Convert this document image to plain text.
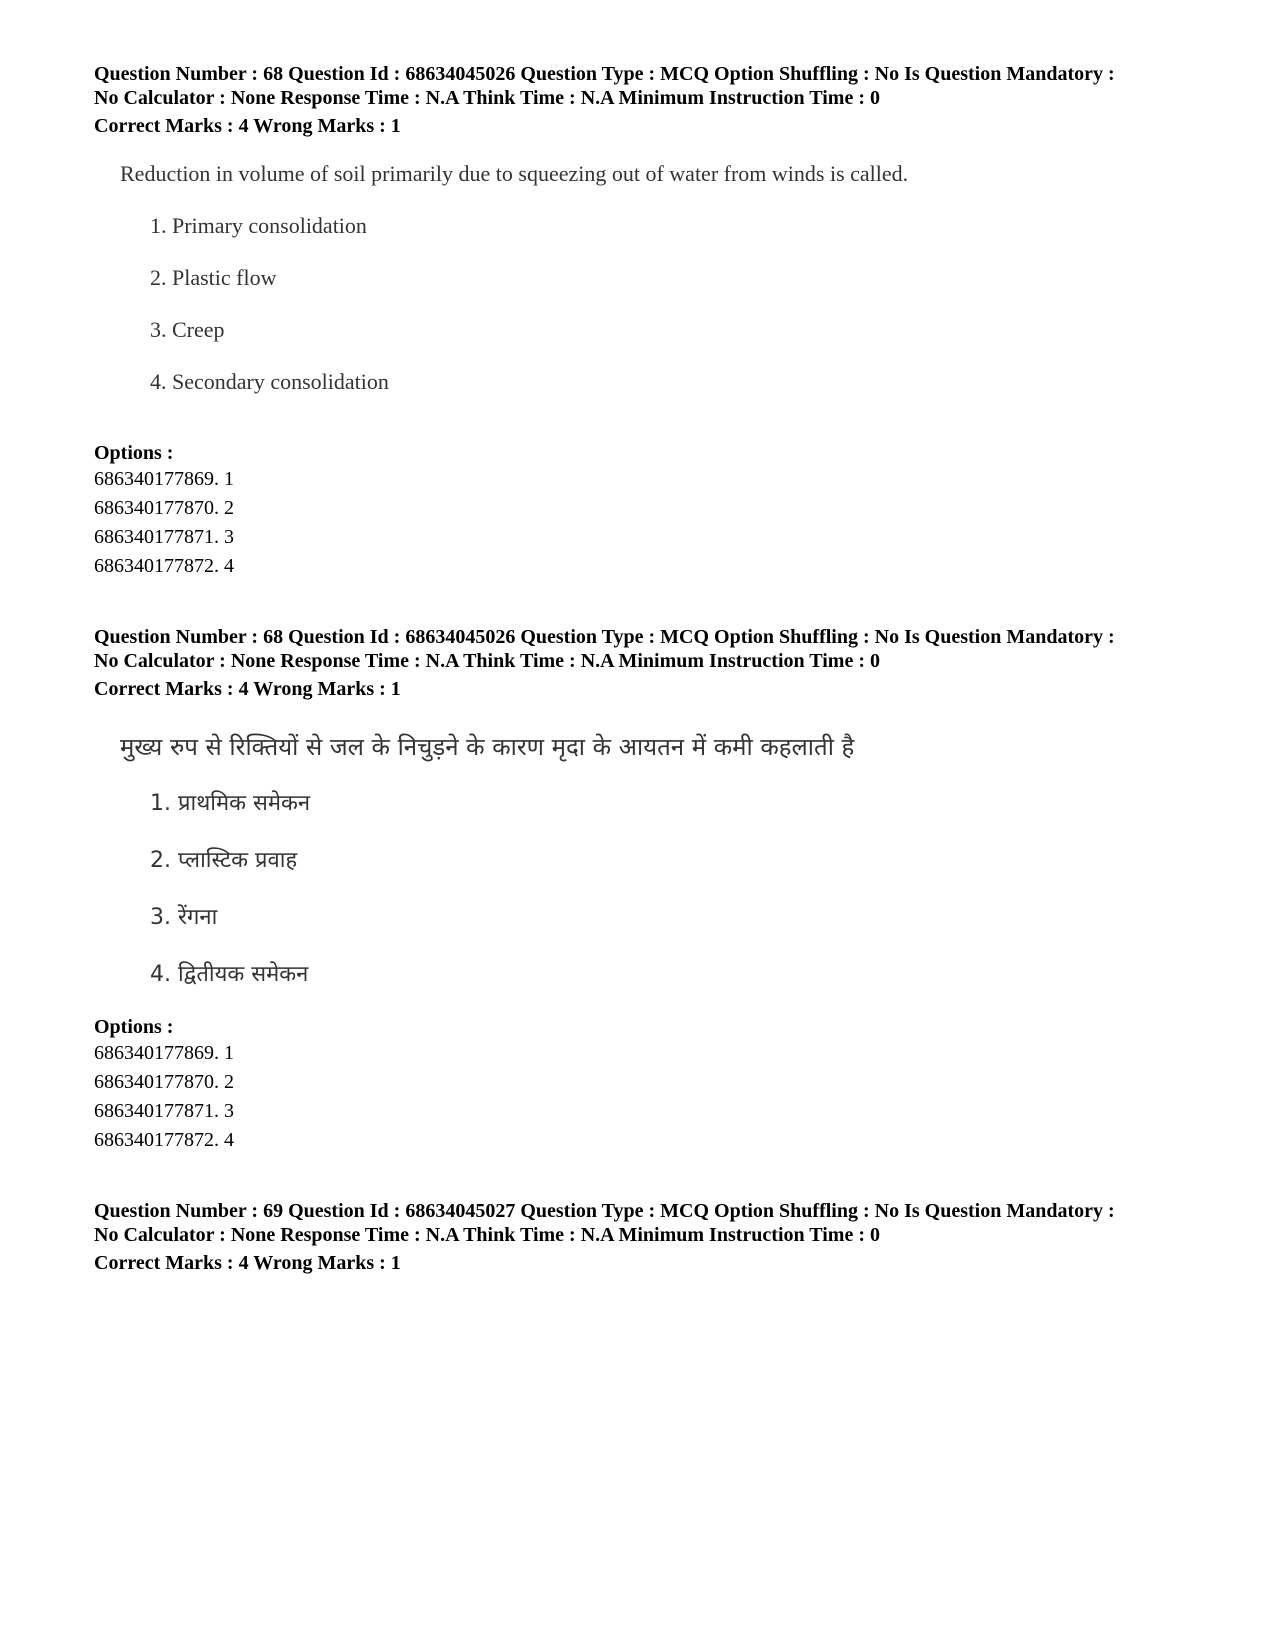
Question Number : 68 Question Id : 68634045026 Question Type : MCQ Option Shuffling : No Is Question Mandatory :

No Calculator : None Response Time : N.A Think Time : N.A Minimum Instruction Time : 0

Correct Marks : 4 Wrong Marks : 1

Reduction in volume of soil primarily due to squeezing out of water from winds is called.

1. Primary consolidation

2. Plastic flow

3. Creep

4. Secondary consolidation

Options :

686340177869. 1

686340177870. 2

686340177871. 3

686340177872. 4

Question Number : 68 Question Id : 68634045026 Question Type : MCQ Option Shuffling : No Is Question Mandatory :

No Calculator : None Response Time : N.A Think Time : N.A Minimum Instruction Time : 0

Correct Marks : 4 Wrong Marks : 1

मुख्य रुप से रिक्तियों से जल के निचुड़ने के कारण मृदा के आयतन में कमी कहलाती है

1. प्राथमिक समेकन

2. प्लास्टिक प्रवाह

3. रेंगना

4. द्वितीयक समेकन

Options :

686340177869. 1

686340177870. 2

686340177871. 3

686340177872. 4

Question Number : 69 Question Id : 68634045027 Question Type : MCQ Option Shuffling : No Is Question Mandatory :

No Calculator : None Response Time : N.A Think Time : N.A Minimum Instruction Time : 0

Correct Marks : 4 Wrong Marks : 1
